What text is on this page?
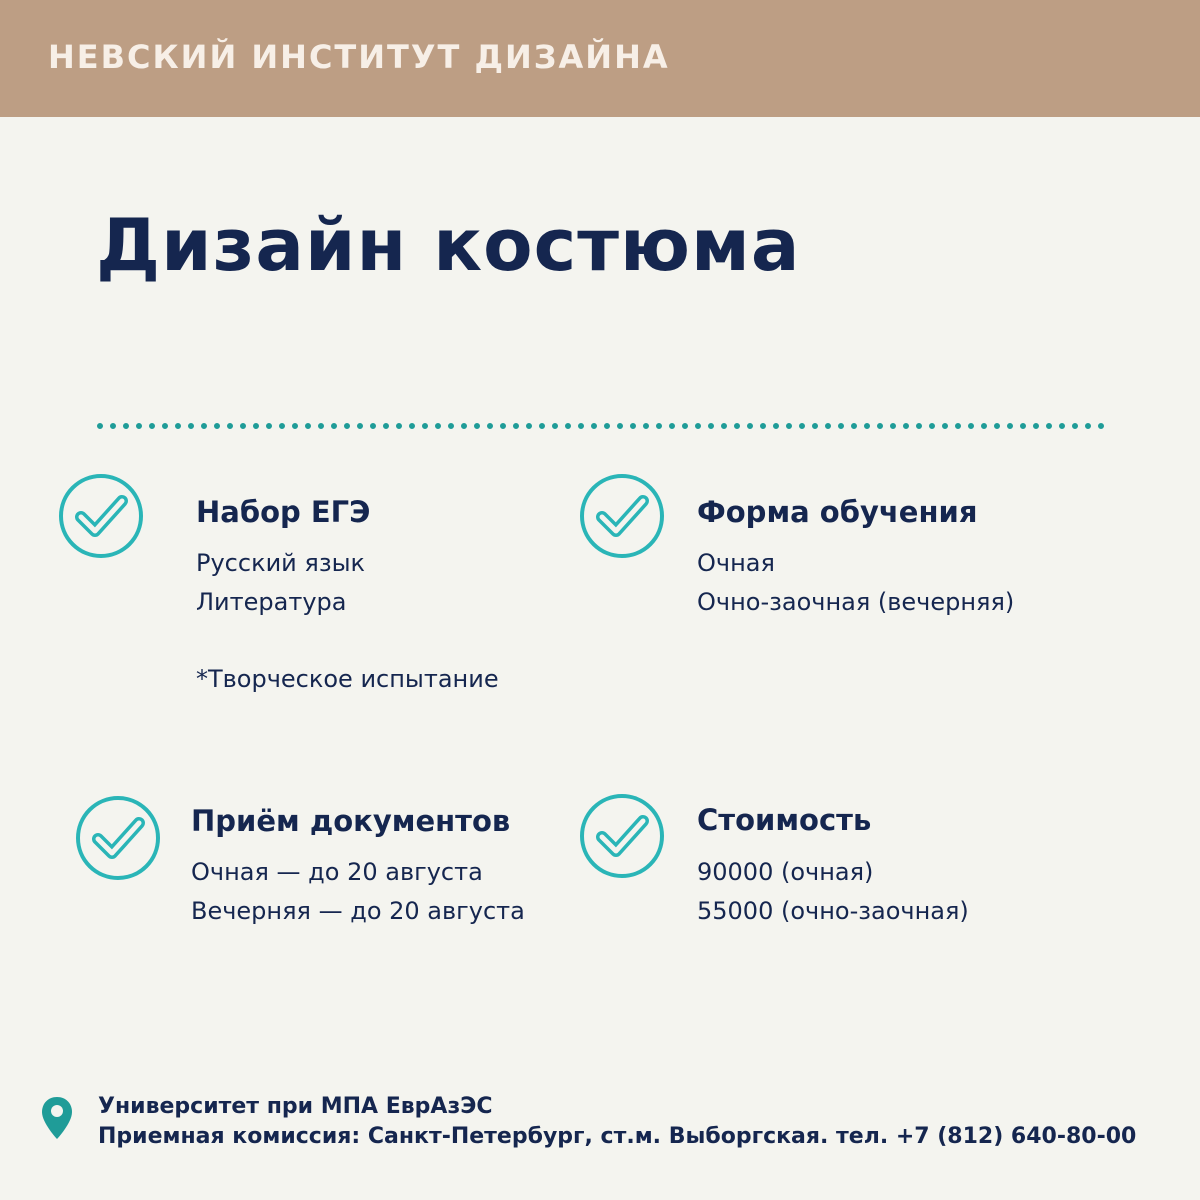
НЕВСКИЙ ИНСТИТУТ ДИЗАЙНА
Дизайн костюма
Набор ЕГЭ
Русский язык
Литература
*Творческое испытание
Форма обучения
Очная
Очно-заочная (вечерняя)
Приём документов
Очная — до 20 августа
Вечерняя — до 20 августа
Стоимость
90000 (очная)
55000 (очно-заочная)
Университет при МПА ЕврАзЭС
Приемная комиссия: Санкт-Петербург, ст.м. Выборгская. тел. +7 (812) 640-80-00
